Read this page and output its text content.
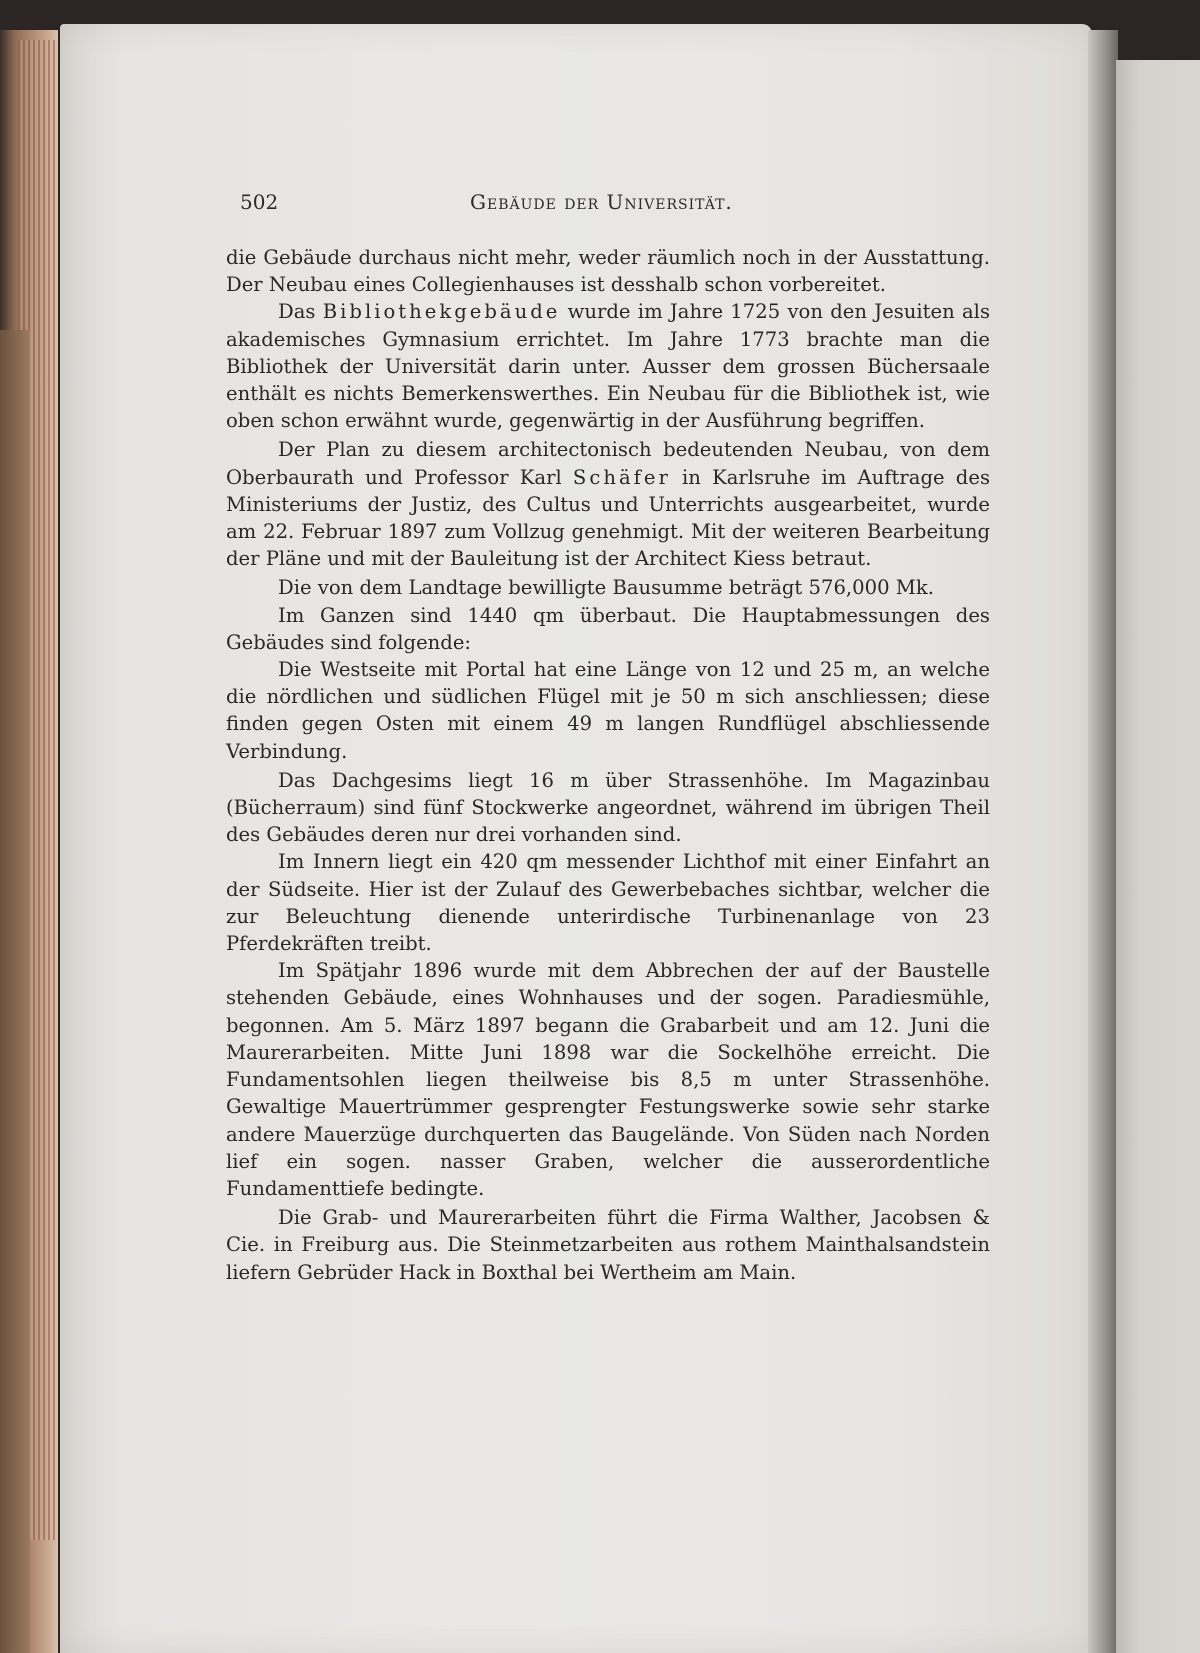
502	Gebäude der Universität.

die Gebäude durchaus nicht mehr, weder räumlich noch in der Ausstattung. Der Neubau eines Collegienhauses ist desshalb schon vorbereitet.

Das Bibliothekgebäude wurde im Jahre 1725 von den Jesuiten als akademisches Gymnasium errichtet. Im Jahre 1773 brachte man die Bibliothek der Universität darin unter. Ausser dem grossen Büchersaale enthält es nichts Bemerkenswerthes. Ein Neubau für die Bibliothek ist, wie oben schon erwähnt wurde, gegenwärtig in der Ausführung begriffen.

Der Plan zu diesem architectonisch bedeutenden Neubau, von dem Oberbaurath und Professor Karl Schäfer in Karlsruhe im Auftrage des Ministeriums der Justiz, des Cultus und Unterrichts ausgearbeitet, wurde am 22. Februar 1897 zum Vollzug genehmigt. Mit der weiteren Bearbeitung der Pläne und mit der Bauleitung ist der Architect Kiess betraut.

Die von dem Landtage bewilligte Bausumme beträgt 576,000 Mk.

Im Ganzen sind 1440 qm überbaut. Die Hauptabmessungen des Gebäudes sind folgende:

Die Westseite mit Portal hat eine Länge von 12 und 25 m, an welche die nördlichen und südlichen Flügel mit je 50 m sich anschliessen; diese finden gegen Osten mit einem 49 m langen Rundflügel abschliessende Verbindung.

Das Dachgesims liegt 16 m über Strassenhöhe. Im Magazinbau (Bücherraum) sind fünf Stockwerke angeordnet, während im übrigen Theil des Gebäudes deren nur drei vorhanden sind.

Im Innern liegt ein 420 qm messender Lichthof mit einer Einfahrt an der Südseite. Hier ist der Zulauf des Gewerbebaches sichtbar, welcher die zur Beleuchtung dienende unterirdische Turbinenanlage von 23 Pferdekräften treibt.

Im Spätjahr 1896 wurde mit dem Abbrechen der auf der Baustelle stehenden Gebäude, eines Wohnhauses und der sogen. Paradiesmühle, begonnen. Am 5. März 1897 begann die Grabarbeit und am 12. Juni die Maurerarbeiten. Mitte Juni 1898 war die Sockelhöhe erreicht. Die Fundamentsohlen liegen theilweise bis 8,5 m unter Strassenhöhe. Gewaltige Mauertrümmer gesprengter Festungswerke sowie sehr starke andere Mauerzüge durchquerten das Baugelände. Von Süden nach Norden lief ein sogen. nasser Graben, welcher die ausserordentliche Fundamenttiefe bedingte.

Die Grab- und Maurerarbeiten führt die Firma Walther, Jacobsen & Cie. in Freiburg aus. Die Steinmetzarbeiten aus rothem Mainthalsandstein liefern Gebrüder Hack in Boxthal bei Wertheim am Main.
